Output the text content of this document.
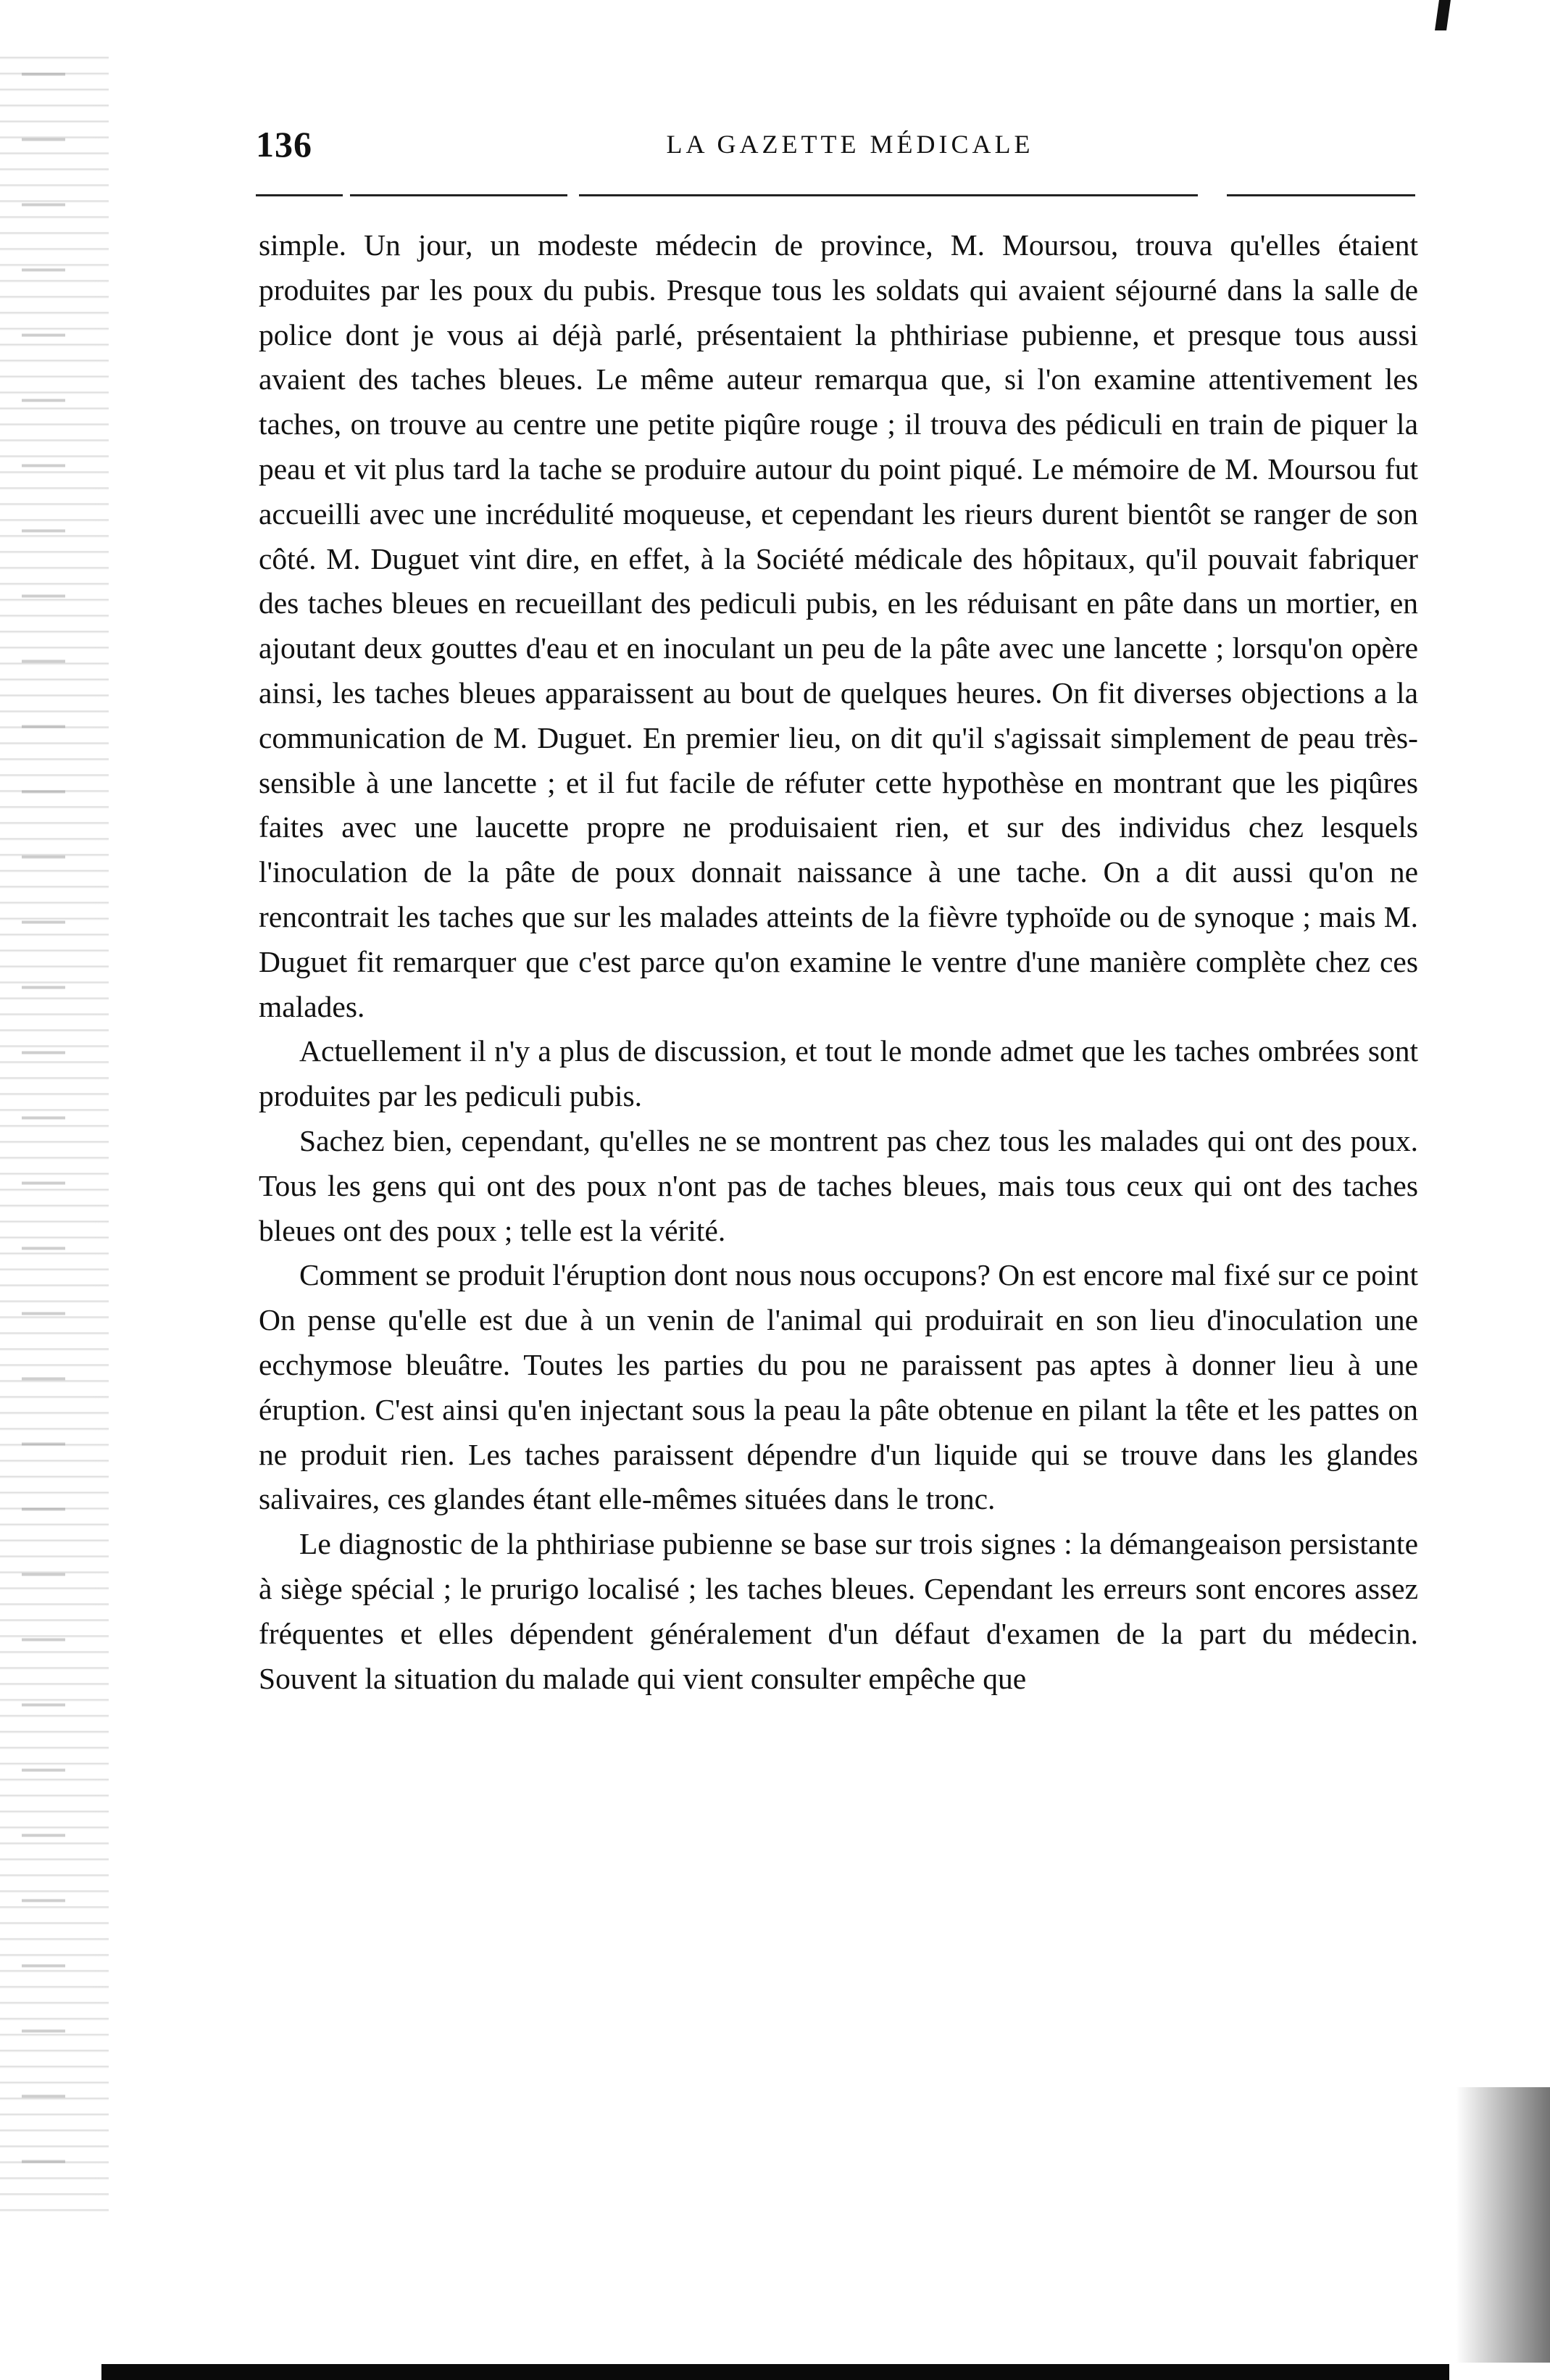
136	LA GAZETTE MÉDICALE

simple. Un jour, un modeste médecin de province, M. Moursou, trouva qu'elles étaient produites par les poux du pubis. Presque tous les soldats qui avaient séjourné dans la salle de police dont je vous ai déjà parlé, présentaient la phthiriase pubienne, et presque tous aussi avaient des taches bleues. Le même auteur remarqua que, si l'on examine attentivement les taches, on trouve au centre une petite piqûre rouge ; il trouva des pédiculi en train de piquer la peau et vit plus tard la tache se produire autour du point piqué. Le mémoire de M. Moursou fut accueilli avec une incrédulité moqueuse, et cependant les rieurs durent bientôt se ranger de son côté. M. Duguet vint dire, en effet, à la Société médicale des hôpitaux, qu'il pouvait fabriquer des taches bleues en recueillant des pediculi pubis, en les réduisant en pâte dans un mortier, en ajoutant deux gouttes d'eau et en inoculant un peu de la pâte avec une lancette ; lorsqu'on opère ainsi, les taches bleues apparaissent au bout de quelques heures. On fit diverses objections a la communication de M. Duguet. En premier lieu, on dit qu'il s'agissait simplement de peau très-sensible à une lancette ; et il fut facile de réfuter cette hypothèse en montrant que les piqûres faites avec une laucette propre ne produisaient rien, et sur des individus chez lesquels l'inoculation de la pâte de poux donnait naissance à une tache. On a dit aussi qu'on ne rencontrait les taches que sur les malades atteints de la fièvre typhoïde ou de synoque ; mais M. Duguet fit remarquer que c'est parce qu'on examine le ventre d'une manière complète chez ces malades.

Actuellement il n'y a plus de discussion, et tout le monde admet que les taches ombrées sont produites par les pediculi pubis.

Sachez bien, cependant, qu'elles ne se montrent pas chez tous les malades qui ont des poux. Tous les gens qui ont des poux n'ont pas de taches bleues, mais tous ceux qui ont des taches bleues ont des poux ; telle est la vérité.

Comment se produit l'éruption dont nous nous occupons? On est encore mal fixé sur ce point On pense qu'elle est due à un venin de l'animal qui produirait en son lieu d'inoculation une ecchymose bleuâtre. Toutes les parties du pou ne paraissent pas aptes à donner lieu à une éruption. C'est ainsi qu'en injectant sous la peau la pâte obtenue en pilant la tête et les pattes on ne produit rien. Les taches paraissent dépendre d'un liquide qui se trouve dans les glandes salivaires, ces glandes étant elle-mêmes situées dans le tronc.

Le diagnostic de la phthiriase pubienne se base sur trois signes : la démangeaison persistante à siège spécial ; le prurigo localisé ; les taches bleues. Cependant les erreurs sont encores assez fréquentes et elles dépendent généralement d'un défaut d'examen de la part du médecin. Souvent la situation du malade qui vient consulter empêche que
